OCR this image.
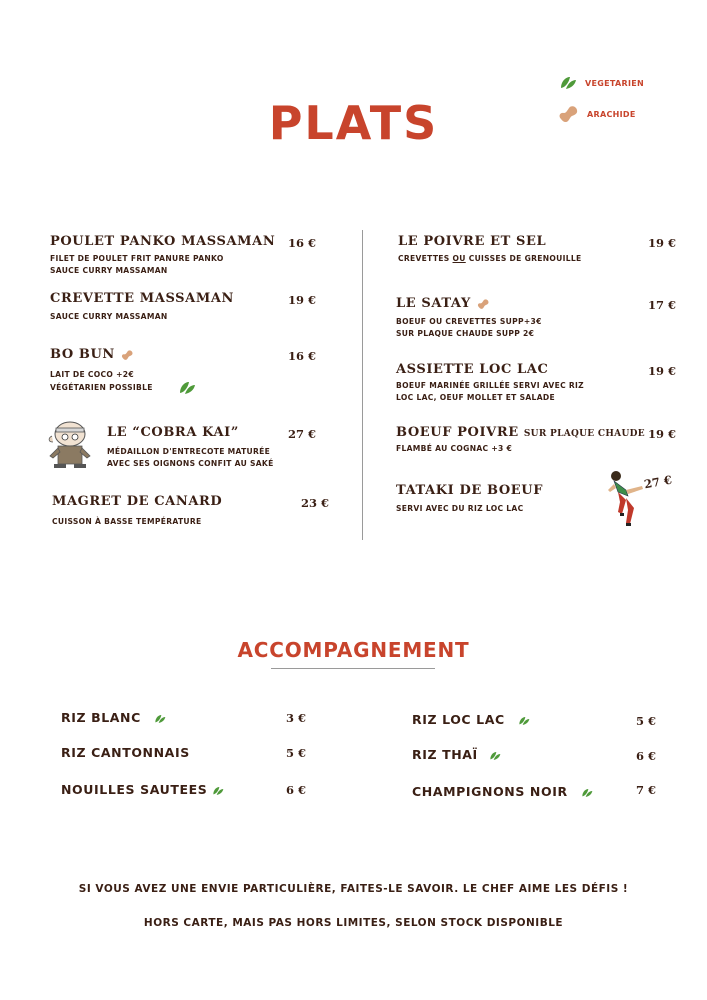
VEGETARIEN
ARACHIDE
PLATS
POULET PANKO MASSAMAN 16 €
FILET DE POULET FRIT PANURE PANKO
SAUCE CURRY MASSAMAN
CREVETTE MASSAMAN	19 €
SAUCE CURRY MASSAMAN
BO BUN	16 €
LAIT DE COCO +2€
VÉGÉTARIEN POSSIBLE
LE “COBRA KAI”	27 €
MÉDAILLON D'ENTRECOTE MATURÉE
AVEC SES OIGNONS CONFIT AU SAKÉ
MAGRET DE CANARD	23 €
CUISSON À BASSE TEMPÉRATURE
LE POIVRE ET SEL	19 €
CREVETTES OU CUISSES DE GRENOUILLE
LE SATAY	17 €
BOEUF OU CREVETTES SUPP+3€
SUR PLAQUE CHAUDE SUPP 2€
ASSIETTE LOC LAC	19 €
BOEUF MARINÉE GRILLÉE SERVI AVEC RIZ
LOC LAC, OEUF MOLLET ET SALADE
BOEUF POIVRE SUR PLAQUE CHAUDE 19 €
FLAMBÉ AU COGNAC +3 €
TATAKI DE BOEUF
SERVI AVEC DU RIZ LOC LAC
27 €
ACCOMPAGNEMENT
RIZ BLANC	3 €
RIZ CANTONNAIS	5 €
NOUILLES SAUTEES	6 €
RIZ LOC LAC	5 €
RIZ THAÏ	6 €
CHAMPIGNONS NOIR	7 €
SI VOUS AVEZ UNE ENVIE PARTICULIÈRE, FAITES-LE SAVOIR. LE CHEF AIME LES DÉFIS !
HORS CARTE, MAIS PAS HORS LIMITES, SELON STOCK DISPONIBLE
